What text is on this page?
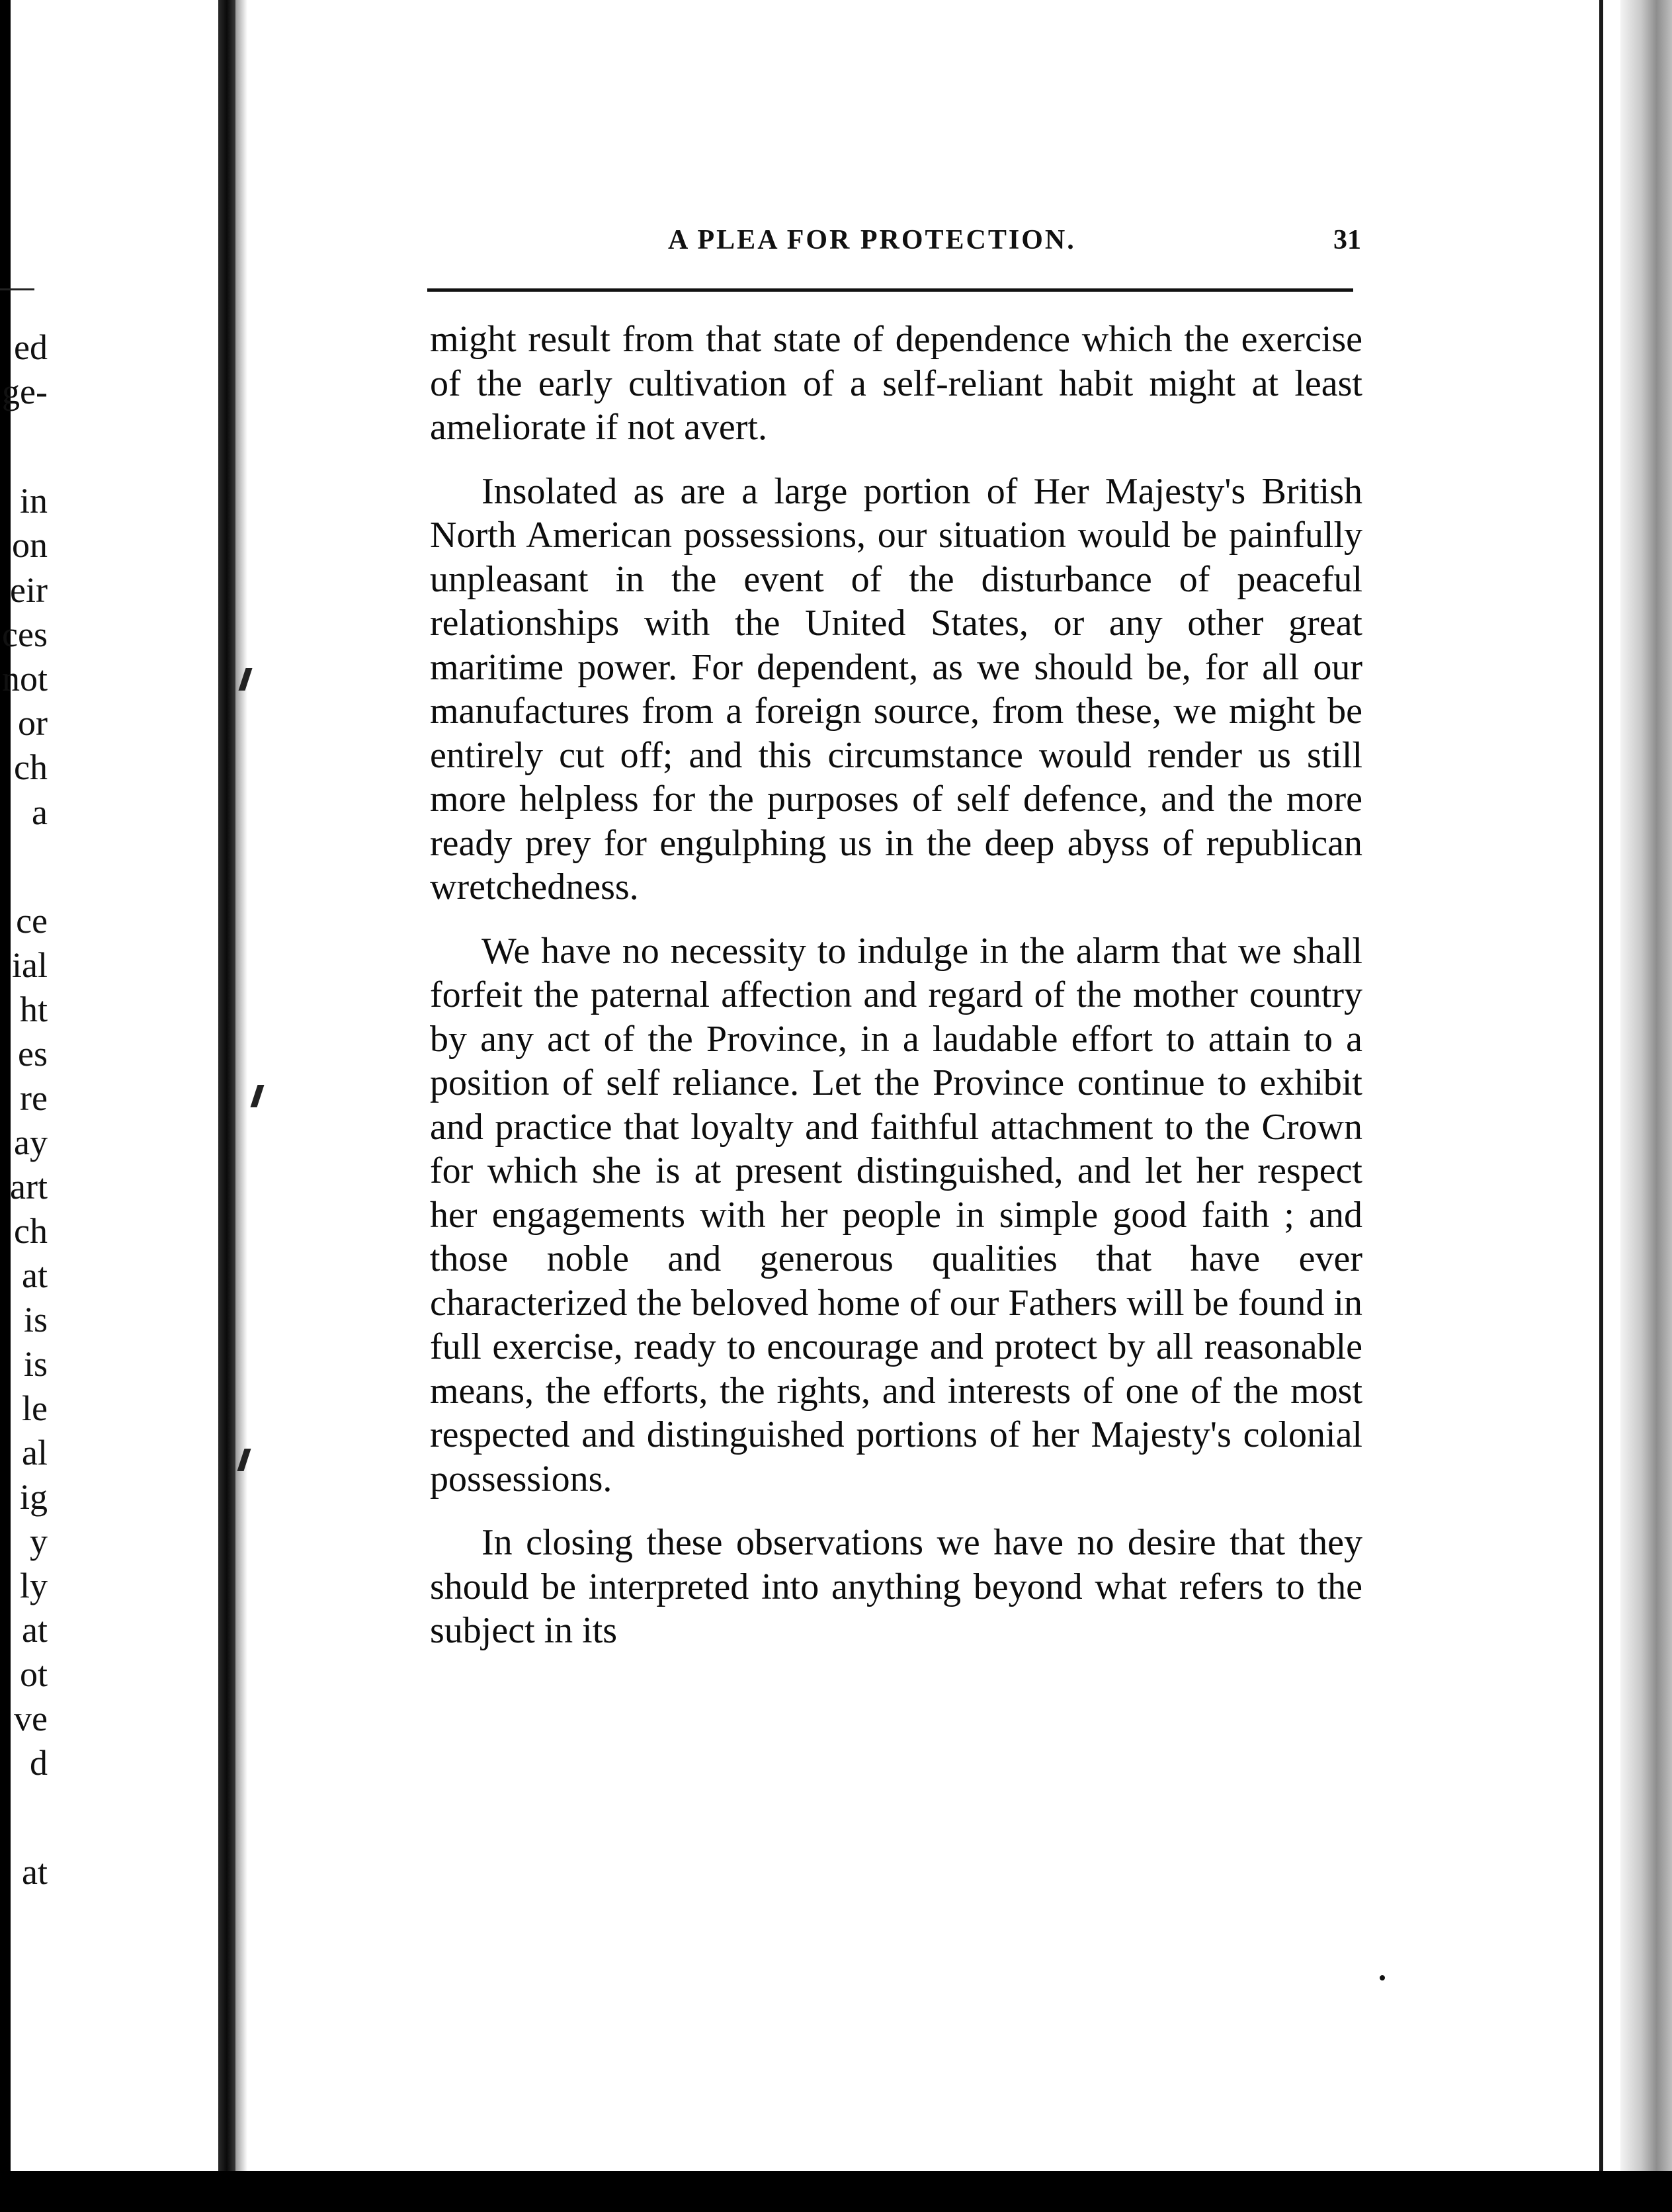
ed
ge-
in
on
eir
ces
not
or
ch
a
ce
ial
ht
es
re
ay
art
ch
at
is
is
le
al
ig
y
ly
at
ot
ve
d
at
A PLEA FOR PROTECTION.	31

might result from that state of dependence which the exercise of the early cultivation of a self-reliant habit might at least ameliorate if not avert.

Insolated as are a large portion of Her Majesty's British North American possessions, our situation would be painfully unpleasant in the event of the disturbance of peaceful relationships with the United States, or any other great maritime power. For dependent, as we should be, for all our manufactures from a foreign source, from these, we might be entirely cut off; and this circumstance would render us still more helpless for the purposes of self defence, and the more ready prey for engulphing us in the deep abyss of republican wretchedness.

We have no necessity to indulge in the alarm that we shall forfeit the paternal affection and regard of the mother country by any act of the Province, in a laudable effort to attain to a position of self reliance. Let the Province continue to exhibit and practice that loyalty and faithful attachment to the Crown for which she is at present distinguished, and let her respect her engagements with her people in simple good faith ; and those noble and generous qualities that have ever characterized the beloved home of our Fathers will be found in full exercise, ready to encourage and protect by all reasonable means, the efforts, the rights, and interests of one of the most respected and distinguished portions of her Majesty's colonial possessions.

In closing these observations we have no desire that they should be interpreted into anything beyond what refers to the subject in its
